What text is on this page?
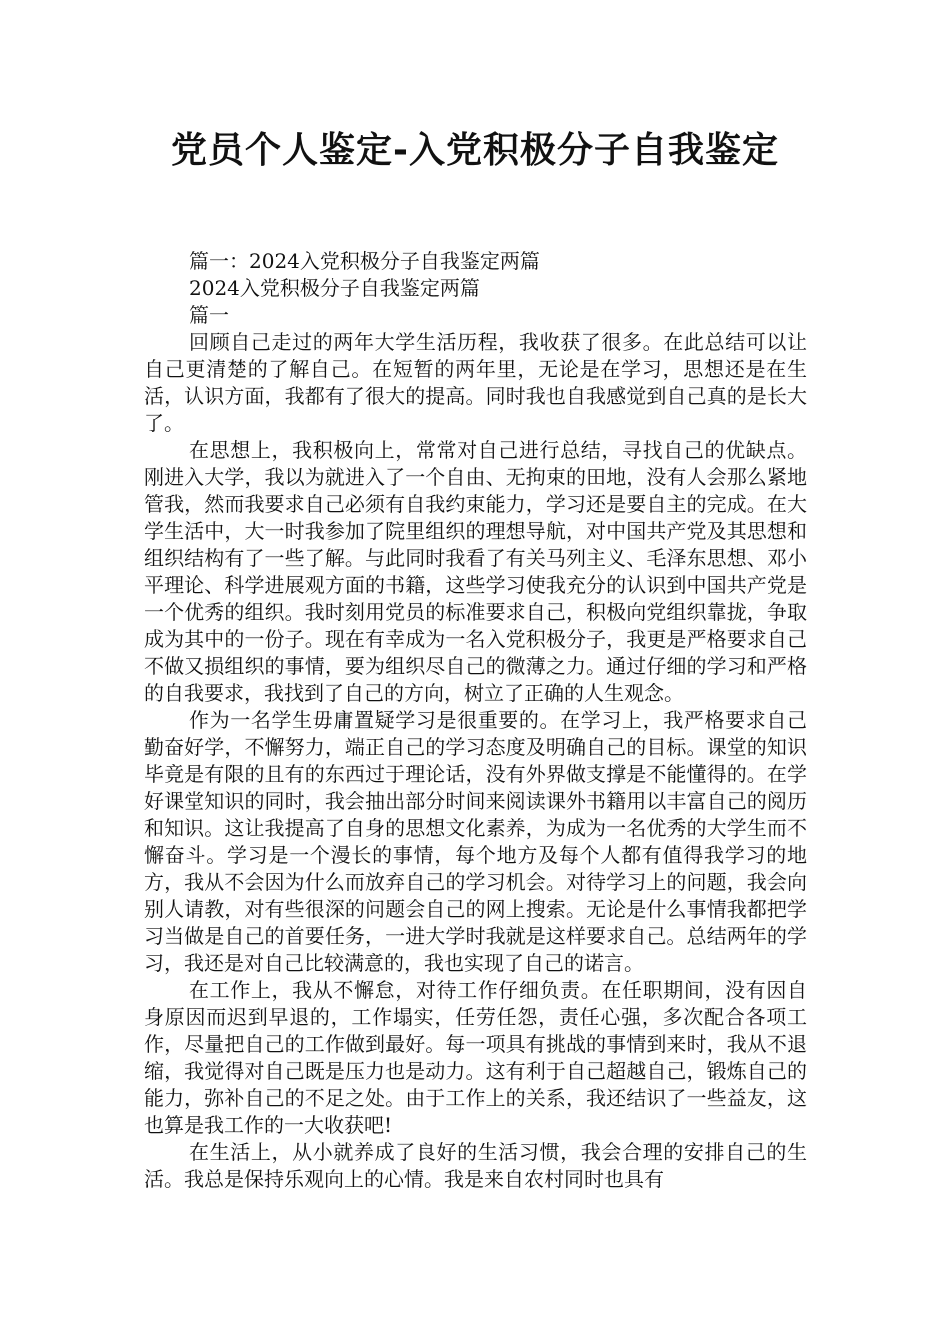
党员个人鉴定-入党积极分子自我鉴定

篇一：2024入党积极分子自我鉴定两篇

2024入党积极分子自我鉴定两篇

篇一

回顾自己走过的两年大学生活历程，我收获了很多。在此总结可以让自己更清楚的了解自己。在短暂的两年里，无论是在学习，思想还是在生活，认识方面，我都有了很大的提高。同时我也自我感觉到自己真的是长大了。

在思想上，我积极向上，常常对自己进行总结，寻找自己的优缺点。刚进入大学，我以为就进入了一个自由、无拘束的田地，没有人会那么紧地管我，然而我要求自己必须有自我约束能力，学习还是要自主的完成。在大学生活中，大一时我参加了院里组织的理想导航，对中国共产党及其思想和组织结构有了一些了解。与此同时我看了有关马列主义、毛泽东思想、邓小平理论、科学进展观方面的书籍，这些学习使我充分的认识到中国共产党是一个优秀的组织。我时刻用党员的标准要求自己，积极向党组织靠拢，争取成为其中的一份子。现在有幸成为一名入党积极分子，我更是严格要求自己不做又损组织的事情，要为组织尽自己的微薄之力。通过仔细的学习和严格的自我要求，我找到了自己的方向，树立了正确的人生观念。

作为一名学生毋庸置疑学习是很重要的。在学习上，我严格要求自己勤奋好学，不懈努力，端正自己的学习态度及明确自己的目标。课堂的知识毕竟是有限的且有的东西过于理论话，没有外界做支撑是不能懂得的。在学好课堂知识的同时，我会抽出部分时间来阅读课外书籍用以丰富自己的阅历和知识。这让我提高了自身的思想文化素养，为成为一名优秀的大学生而不懈奋斗。学习是一个漫长的事情，每个地方及每个人都有值得我学习的地方，我从不会因为什么而放弃自己的学习机会。对待学习上的问题，我会向别人请教，对有些很深的问题会自己的网上搜索。无论是什么事情我都把学习当做是自己的首要任务，一进大学时我就是这样要求自己。总结两年的学习，我还是对自己比较满意的，我也实现了自己的诺言。

在工作上，我从不懈怠，对待工作仔细负责。在任职期间，没有因自身原因而迟到早退的，工作塌实，任劳任怨，责任心强，多次配合各项工作，尽量把自己的工作做到最好。每一项具有挑战的事情到来时，我从不退缩，我觉得对自己既是压力也是动力。这有利于自己超越自己，锻炼自己的能力，弥补自己的不足之处。由于工作上的关系，我还结识了一些益友，这也算是我工作的一大收获吧!

在生活上，从小就养成了良好的生活习惯，我会合理的安排自己的生活。我总是保持乐观向上的心情。我是来自农村同时也具有
